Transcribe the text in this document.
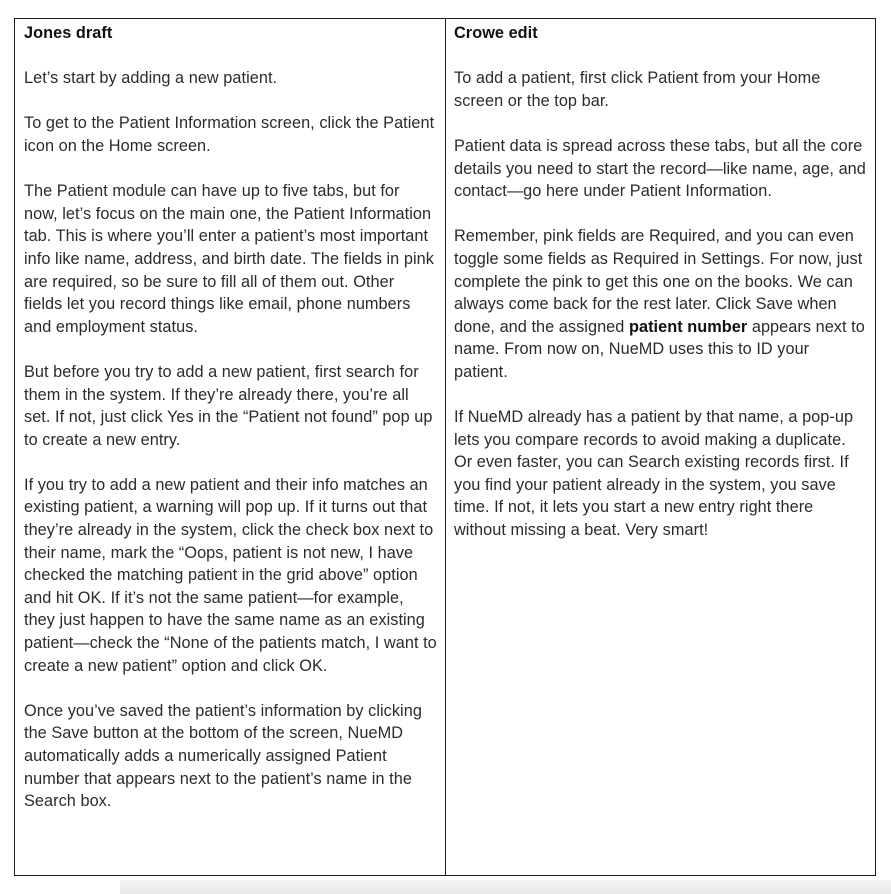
Jones draft

Let’s start by adding a new patient.

To get to the Patient Information screen, click the Patient icon on the Home screen.

The Patient module can have up to five tabs, but for now, let’s focus on the main one, the Patient Information tab. This is where you’ll enter a patient’s most important info like name, address, and birth date. The fields in pink are required, so be sure to fill all of them out. Other fields let you record things like email, phone numbers and employment status.

But before you try to add a new patient, first search for them in the system. If they’re already there, you’re all set. If not, just click Yes in the “Patient not found” pop up to create a new entry.

If you try to add a new patient and their info matches an existing patient, a warning will pop up. If it turns out that they’re already in the system, click the check box next to their name, mark the “Oops, patient is not new, I have checked the matching patient in the grid above” option and hit OK. If it’s not the same patient—for example, they just happen to have the same name as an existing patient—check the “None of the patients match, I want to create a new patient” option and click OK.

Once you’ve saved the patient’s information by clicking the Save button at the bottom of the screen, NueMD automatically adds a numerically assigned Patient number that appears next to the patient’s name in the Search box.

Crowe edit

To add a patient, first click Patient from your Home screen or the top bar.

Patient data is spread across these tabs, but all the core details you need to start the record—like name, age, and contact—go here under Patient Information.

Remember, pink fields are Required, and you can even toggle some fields as Required in Settings. For now, just complete the pink to get this one on the books. We can always come back for the rest later. Click Save when done, and the assigned patient number appears next to name. From now on, NueMD uses this to ID your patient.

If NueMD already has a patient by that name, a pop-up lets you compare records to avoid making a duplicate. Or even faster, you can Search existing records first. If you find your patient already in the system, you save time. If not, it lets you start a new entry right there without missing a beat. Very smart!
